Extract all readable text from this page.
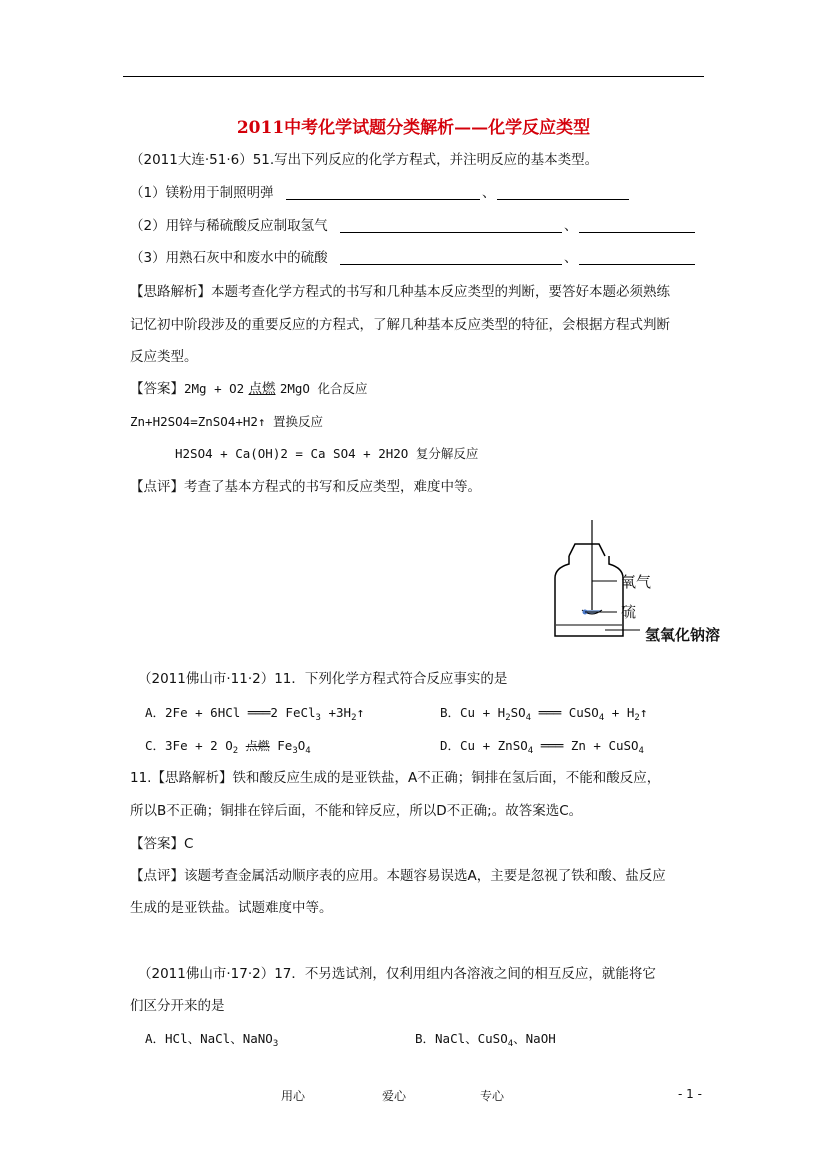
2011中考化学试题分类解析——化学反应类型
（2011大连·51·6）51.写出下列反应的化学方程式，并注明反应的基本类型。
（1）镁粉用于制照明弹	、
（2）用锌与稀硫酸反应制取氢气	、
（3）用熟石灰中和废水中的硫酸	、
【思路解析】本题考查化学方程式的书写和几种基本反应类型的判断，要答好本题必须熟练
记忆初中阶段涉及的重要反应的方程式，了解几种基本反应类型的特征，会根据方程式判断
反应类型。
【答案】2Mg + O2 点燃 2MgO 化合反应
Zn+H2SO4=ZnSO4+H2↑ 置换反应
H2SO4 + Ca(OH)2 = Ca SO4 + 2H2O 复分解反应
【点评】考查了基本方程式的书写和反应类型，难度中等。
氧气
硫
氢氧化钠溶
（2011佛山市·11·2）11．下列化学方程式符合反应事实的是
A．2Fe + 6HCl ═══2 FeCl$_3$ $+3H_2↑$	B．$Cu + H_2SO_4$ ═══ CuSO$_4$ + $H_2↑$
C．3Fe + 2 $O_2$ 点燃 $Fe_3O_4$	D．Cu + ZnSO$_4$ ═══ Zn + CuSO$_4$
11.【思路解析】铁和酸反应生成的是亚铁盐，A不正确；铜排在氢后面，不能和酸反应，
所以B不正确；铜排在锌后面，不能和锌反应，所以D不正确;。故答案选C。
【答案】C
【点评】该题考查金属活动顺序表的应用。本题容易误选A，主要是忽视了铁和酸、盐反应
生成的是亚铁盐。试题难度中等。
（2011佛山市·17·2）17．不另选试剂，仅利用组内各溶液之间的相互反应，就能将它
们区分开来的是
A．HCl、NaCl、NaNO$_3$	B．NaCl、CuSO$_4$、NaOH
用心	爱心	专心	- 1 -
